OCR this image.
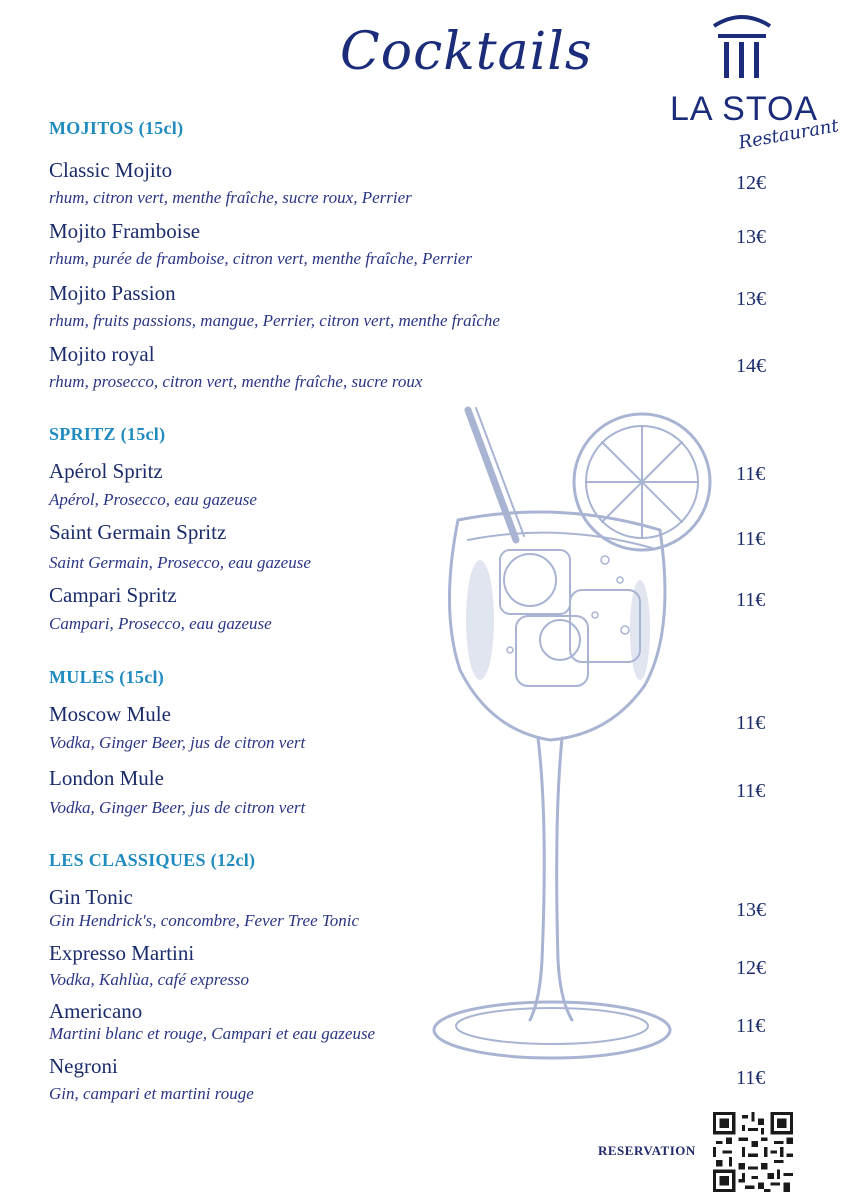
Cocktails
LA STOA
Restaurant
MOJITOS (15cl)
Classic Mojito
rhum, citron vert, menthe fraîche, sucre roux, Perrier
12€
Mojito Framboise
rhum, purée de framboise, citron vert, menthe fraîche, Perrier
13€
Mojito Passion
rhum, fruits passions, mangue, Perrier, citron vert, menthe fraîche
13€
Mojito royal
rhum, prosecco, citron vert, menthe fraîche, sucre roux
14€
SPRITZ (15cl)
Apérol Spritz
Apérol, Prosecco, eau gazeuse
11€
Saint Germain Spritz
Saint Germain, Prosecco, eau gazeuse
11€
Campari Spritz
Campari, Prosecco, eau gazeuse
11€
MULES (15cl)
Moscow Mule
Vodka, Ginger Beer, jus de citron vert
11€
London Mule
Vodka, Ginger Beer, jus de citron vert
11€
LES CLASSIQUES (12cl)
Gin Tonic
Gin Hendrick's, concombre, Fever Tree Tonic	13€
Expresso Martini
Vodka, Kahlùa, café expresso
12€
Americano
Martini blanc et rouge, Campari et eau gazeuse	11€
Negroni
Gin, campari et martini rouge
11€
RESERVATION
